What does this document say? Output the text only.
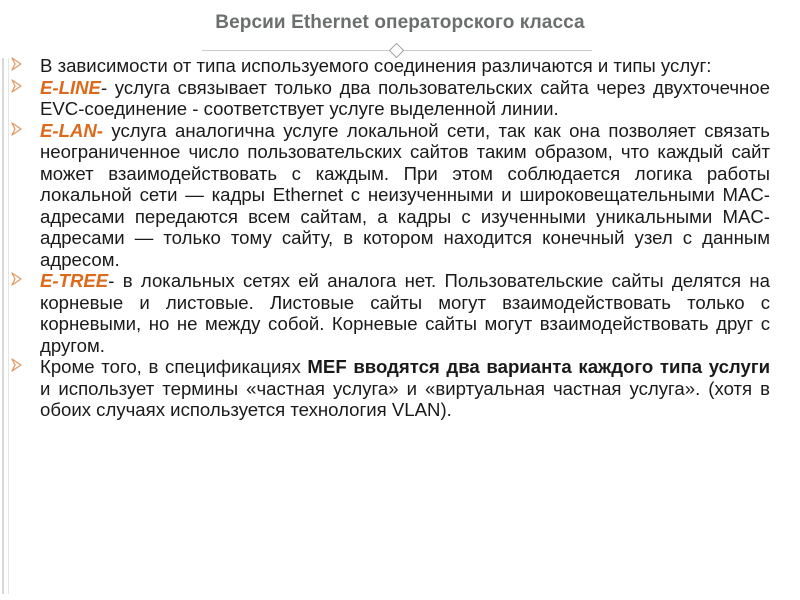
Версии Ethernet операторского класса

В зависимости от типа используемого соединения различаются и типы услуг:

E-LINE- услуга связывает только два пользовательских сайта через двухточечное EVC-соединение - соответствует услуге выделенной линии.

E-LAN- услуга аналогична услуге локальной сети, так как она позволяет связать неограниченное число пользовательских сайтов таким образом, что каждый сайт может взаимодействовать с каждым. При этом соблюдается логика работы локальной сети — кадры Ethernet с неизученными и широковещательными MAC-адресами передаются всем сайтам, а кадры с изученными уникальными MAC- адресами — только тому сайту, в котором находится конечный узел с данным адресом.

E-TREE- в локальных сетях ей аналога нет. Пользовательские сайты делятся на корневые и листовые. Листовые сайты могут взаимодействовать только с корневыми, но не между собой. Корневые сайты могут взаимодействовать друг с другом.

Кроме того, в спецификациях MEF вводятся два варианта каждого типа услуги и использует термины «частная услуга» и «виртуальная частная услуга». (хотя в обоих случаях используется технология VLAN).
